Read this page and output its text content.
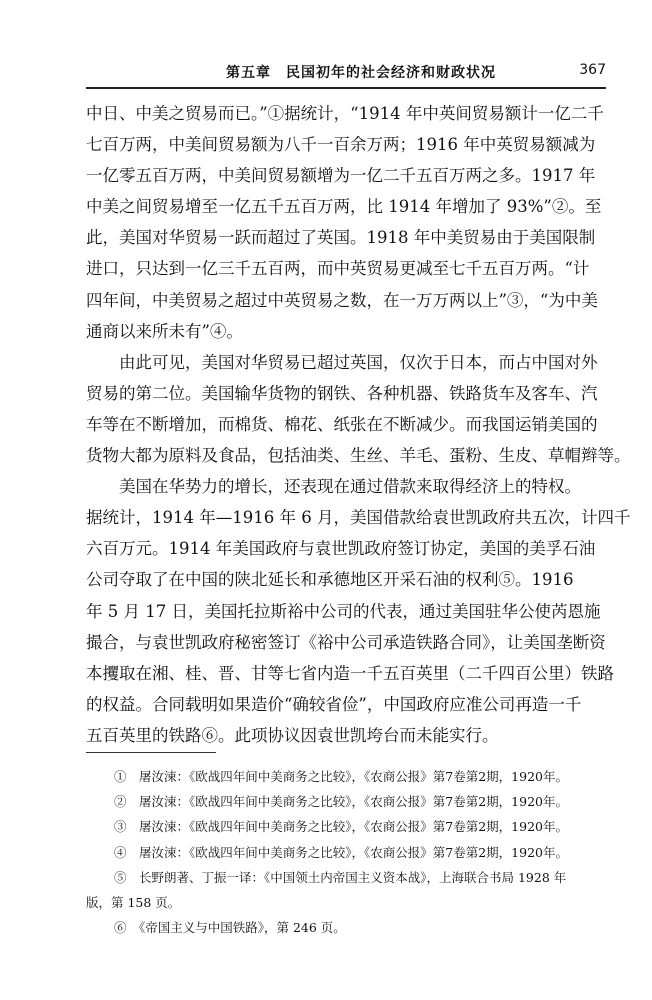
第五章　民国初年的社会经济和财政状况	367
中日、中美之贸易而已。”①据统计，“1914 年中英间贸易额计一亿二千
七百万两，中美间贸易额为八千一百余万两；1916 年中英贸易额减为
一亿零五百万两，中美间贸易额增为一亿二千五百万两之多。1917 年
中美之间贸易增至一亿五千五百万两，比 1914 年增加了 93%”②。至
此，美国对华贸易一跃而超过了英国。1918 年中美贸易由于美国限制
进口，只达到一亿三千五百两，而中英贸易更减至七千五百万两。“计
四年间，中美贸易之超过中英贸易之数，在一万万两以上”③，“为中美
通商以来所未有”④。
　　由此可见，美国对华贸易已超过英国，仅次于日本，而占中国对外
贸易的第二位。美国输华货物的钢铁、各种机器、铁路货车及客车、汽
车等在不断增加，而棉货、棉花、纸张在不断减少。而我国运销美国的
货物大都为原料及食品，包括油类、生丝、羊毛、蛋粉、生皮、草帽辫等。
　　美国在华势力的增长，还表现在通过借款来取得经济上的特权。
据统计，1914 年—1916 年 6 月，美国借款给袁世凯政府共五次，计四千
六百万元。1914 年美国政府与袁世凯政府签订协定，美国的美孚石油
公司夺取了在中国的陕北延长和承德地区开采石油的权利⑤。1916
年 5 月 17 日，美国托拉斯裕中公司的代表，通过美国驻华公使芮恩施
撮合，与袁世凯政府秘密签订《裕中公司承造铁路合同》，让美国垄断资
本攫取在湘、桂、晋、甘等七省内造一千五百英里（二千四百公里）铁路
的权益。合同载明如果造价“确较省俭”，中国政府应准公司再造一千
五百英里的铁路⑥。此项协议因袁世凯垮台而未能实行。
①　屠汝涑：《欧战四年间中美商务之比较》，《农商公报》第7卷第2期，1920年。
②　屠汝涑：《欧战四年间中美商务之比较》，《农商公报》第7卷第2期，1920年。
③　屠汝涑：《欧战四年间中美商务之比较》，《农商公报》第7卷第2期，1920年。
④　屠汝涑：《欧战四年间中美商务之比较》，《农商公报》第7卷第2期，1920年。
⑤　长野朗著、丁振一译：《中国领土内帝国主义资本战》，上海联合书局 1928 年
版，第 158 页。
⑥　《帝国主义与中国铁路》，第 246 页。
